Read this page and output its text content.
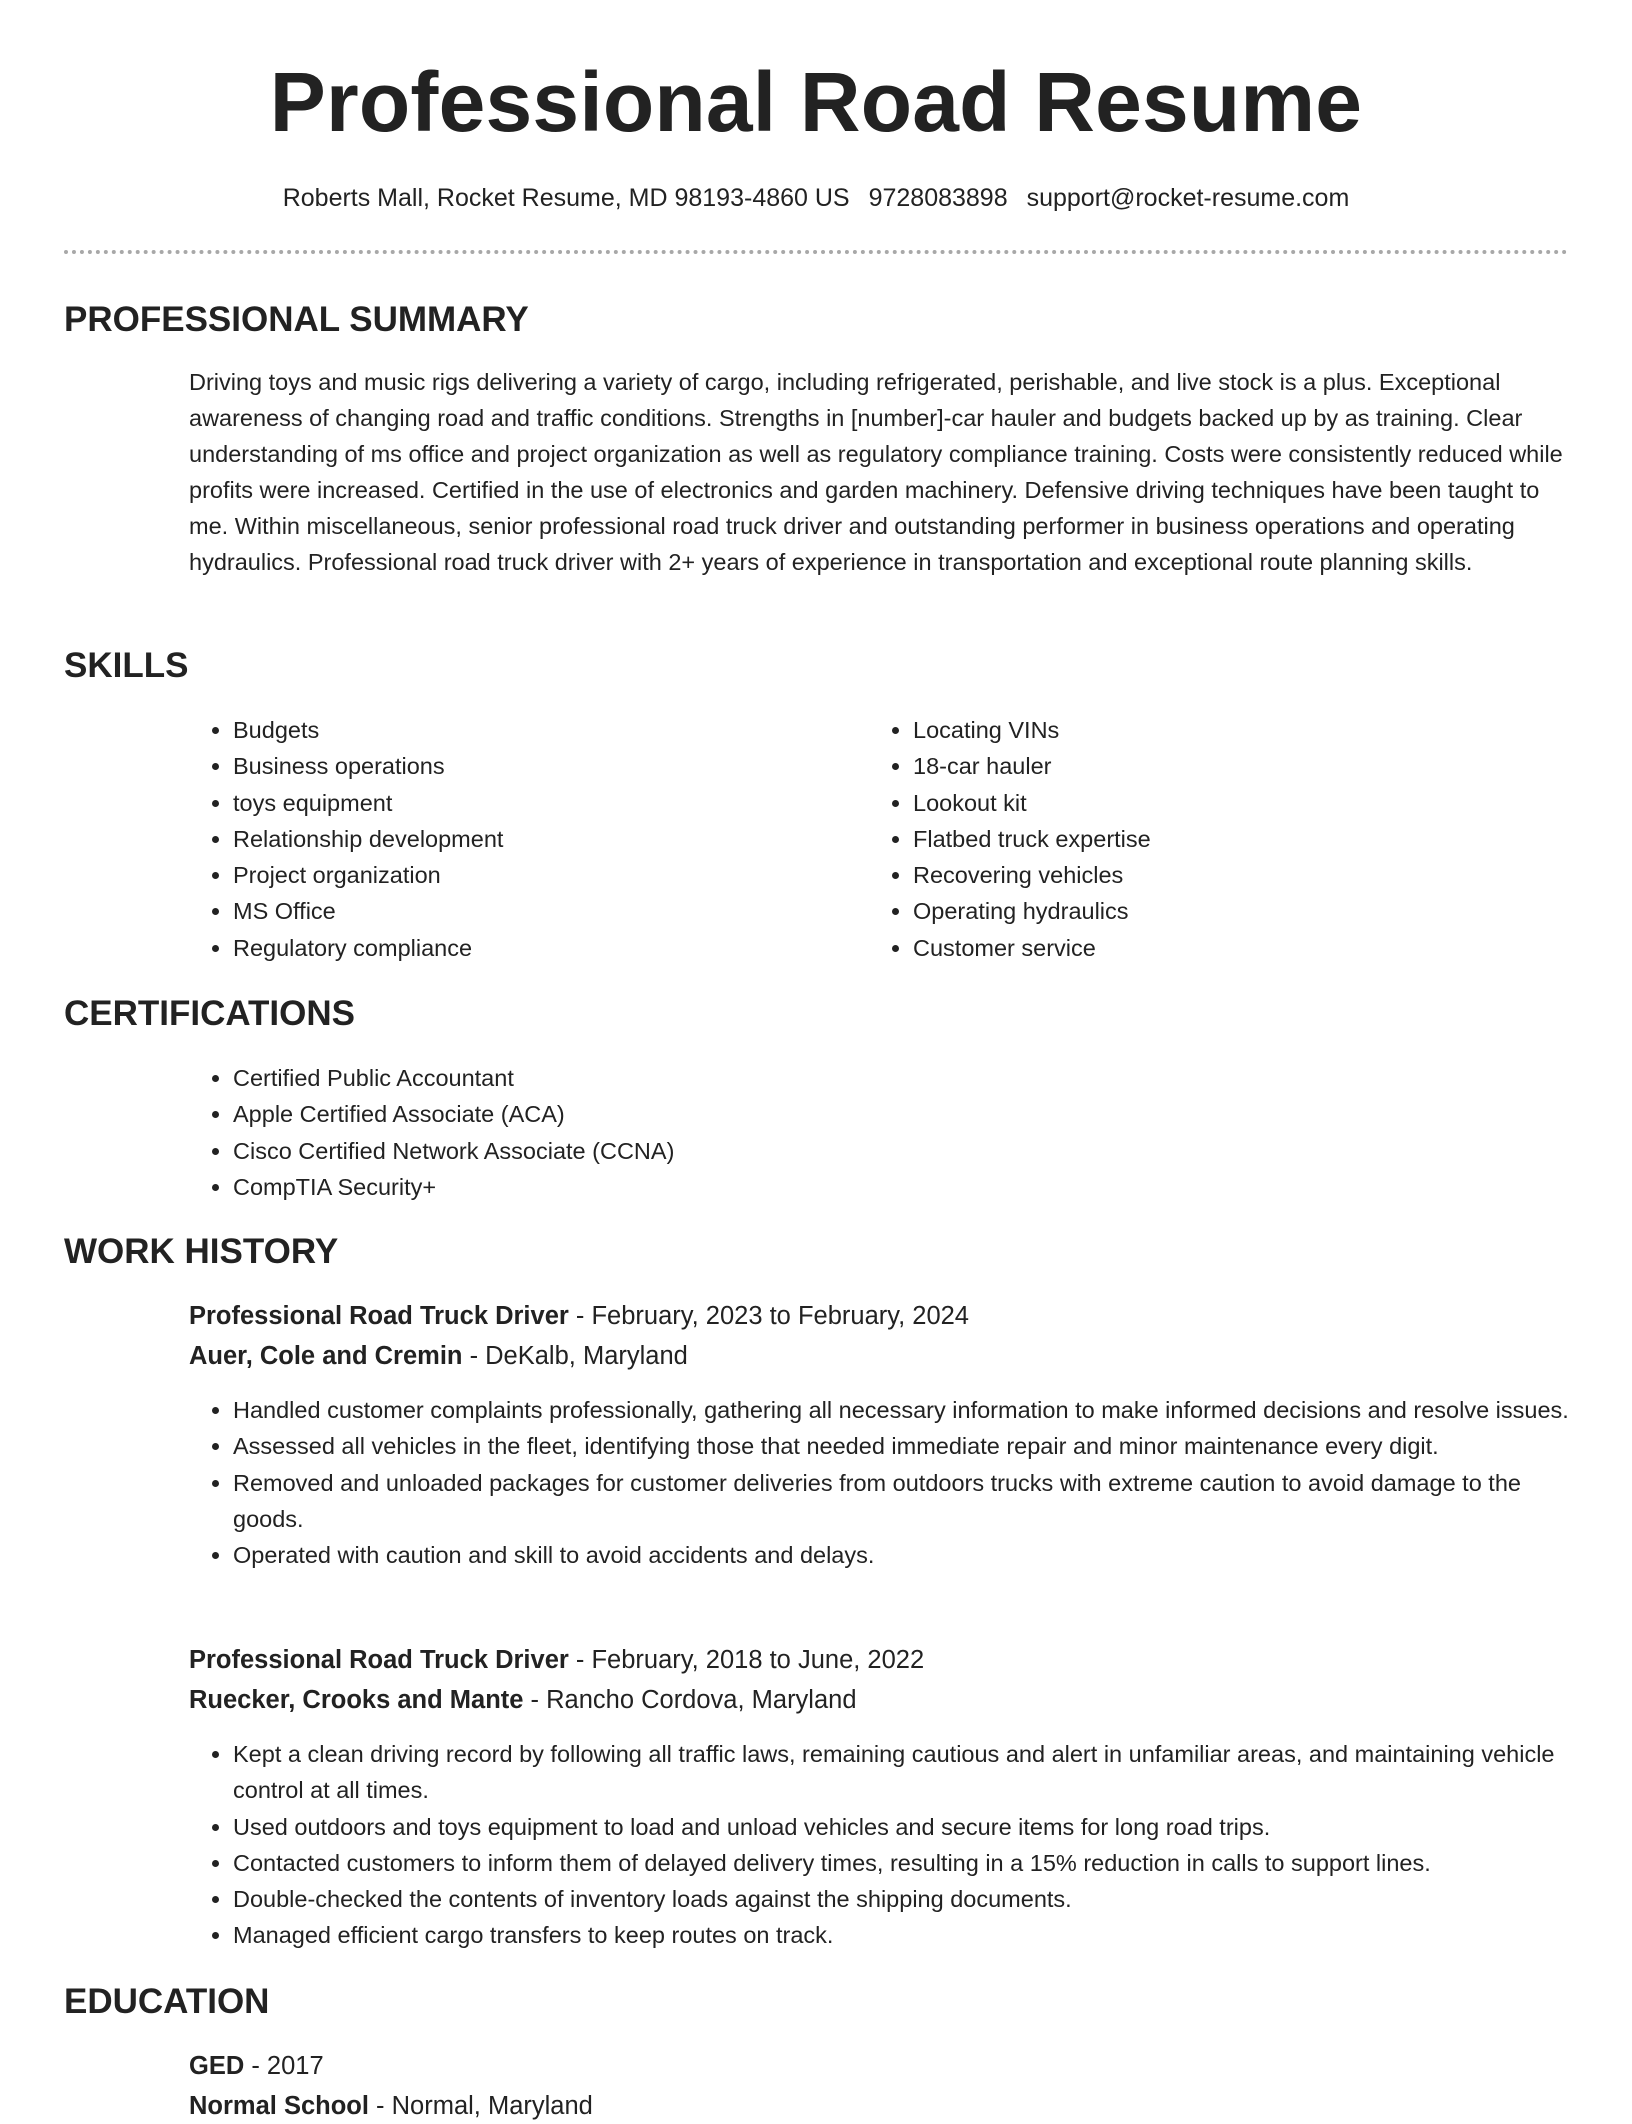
Professional Road Resume
Roberts Mall, Rocket Resume, MD 98193-4860 US 9728083898 support@rocket-resume.com
PROFESSIONAL SUMMARY

Driving toys and music rigs delivering a variety of cargo, including refrigerated, perishable, and live stock is a plus. Exceptional awareness of changing road and traffic conditions. Strengths in [number]-car hauler and budgets backed up by as training. Clear understanding of ms office and project organization as well as regulatory compliance training. Costs were consistently reduced while profits were increased. Certified in the use of electronics and garden machinery. Defensive driving techniques have been taught to me. Within miscellaneous, senior professional road truck driver and outstanding performer in business operations and operating hydraulics. Professional road truck driver with 2+ years of experience in transportation and exceptional route planning skills.

SKILLS
• Budgets
• Business operations
• toys equipment
• Relationship development
• Project organization
• MS Office
• Regulatory compliance
• Locating VINs
• 18-car hauler
• Lookout kit
• Flatbed truck expertise
• Recovering vehicles
• Operating hydraulics
• Customer service
CERTIFICATIONS
• Certified Public Accountant
• Apple Certified Associate (ACA)
• Cisco Certified Network Associate (CCNA)
• CompTIA Security+
WORK HISTORY
Professional Road Truck Driver - February, 2023 to February, 2024
Auer, Cole and Cremin - DeKalb, Maryland
• Handled customer complaints professionally, gathering all necessary information to make informed decisions and resolve issues.
• Assessed all vehicles in the fleet, identifying those that needed immediate repair and minor maintenance every digit.
• Removed and unloaded packages for customer deliveries from outdoors trucks with extreme caution to avoid damage to the goods.
• Operated with caution and skill to avoid accidents and delays.
Professional Road Truck Driver - February, 2018 to June, 2022
Ruecker, Crooks and Mante - Rancho Cordova, Maryland
• Kept a clean driving record by following all traffic laws, remaining cautious and alert in unfamiliar areas, and maintaining vehicle control at all times.
• Used outdoors and toys equipment to load and unload vehicles and secure items for long road trips.
• Contacted customers to inform them of delayed delivery times, resulting in a 15% reduction in calls to support lines.
• Double-checked the contents of inventory loads against the shipping documents.
• Managed efficient cargo transfers to keep routes on track.
EDUCATION
GED - 2017
Normal School - Normal, Maryland
